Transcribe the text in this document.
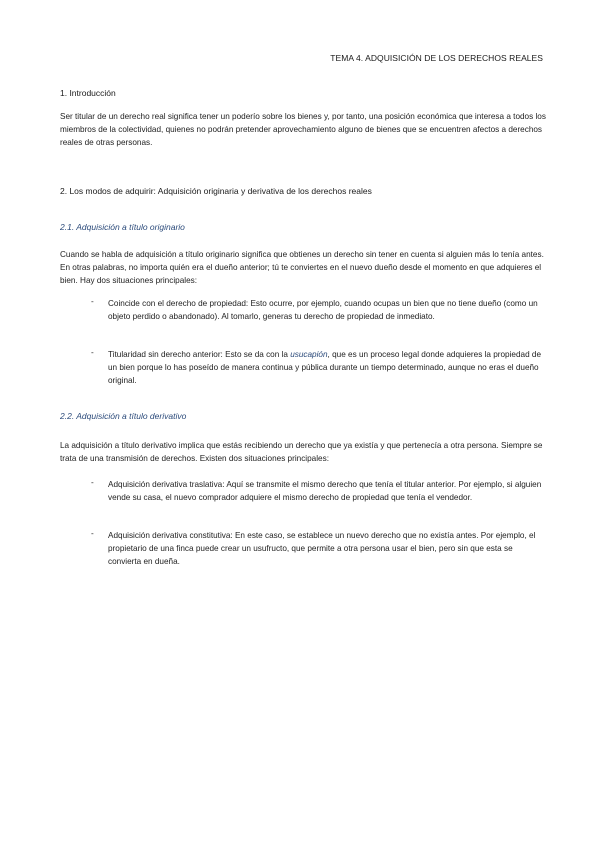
TEMA 4. ADQUISICIÓN DE LOS DERECHOS REALES
1. Introducción
Ser titular de un derecho real significa tener un poderío sobre los bienes y, por tanto, una posición económica que interesa a todos los miembros de la colectividad, quienes no podrán pretender aprovechamiento alguno de bienes que se encuentren afectos a derechos reales de otras personas.
2. Los modos de adquirir: Adquisición originaria y derivativa de los derechos reales
2.1. Adquisición a título originario
Cuando se habla de adquisición a título originario significa que obtienes un derecho sin tener en cuenta si alguien más lo tenía antes. En otras palabras, no importa quién era el dueño anterior; tú te conviertes en el nuevo dueño desde el momento en que adquieres el bien. Hay dos situaciones principales:
- Coincide con el derecho de propiedad: Esto ocurre, por ejemplo, cuando ocupas un bien que no tiene dueño (como un objeto perdido o abandonado). Al tomarlo, generas tu derecho de propiedad de inmediato.
- Titularidad sin derecho anterior: Esto se da con la usucapión, que es un proceso legal donde adquieres la propiedad de un bien porque lo has poseído de manera continua y pública durante un tiempo determinado, aunque no eras el dueño original.
2.2. Adquisición a título derivativo
La adquisición a título derivativo implica que estás recibiendo un derecho que ya existía y que pertenecía a otra persona. Siempre se trata de una transmisión de derechos. Existen dos situaciones principales:
- Adquisición derivativa traslativa: Aquí se transmite el mismo derecho que tenía el titular anterior. Por ejemplo, si alguien vende su casa, el nuevo comprador adquiere el mismo derecho de propiedad que tenía el vendedor.
- Adquisición derivativa constitutiva: En este caso, se establece un nuevo derecho que no existía antes. Por ejemplo, el propietario de una finca puede crear un usufructo, que permite a otra persona usar el bien, pero sin que esta se convierta en dueña.
